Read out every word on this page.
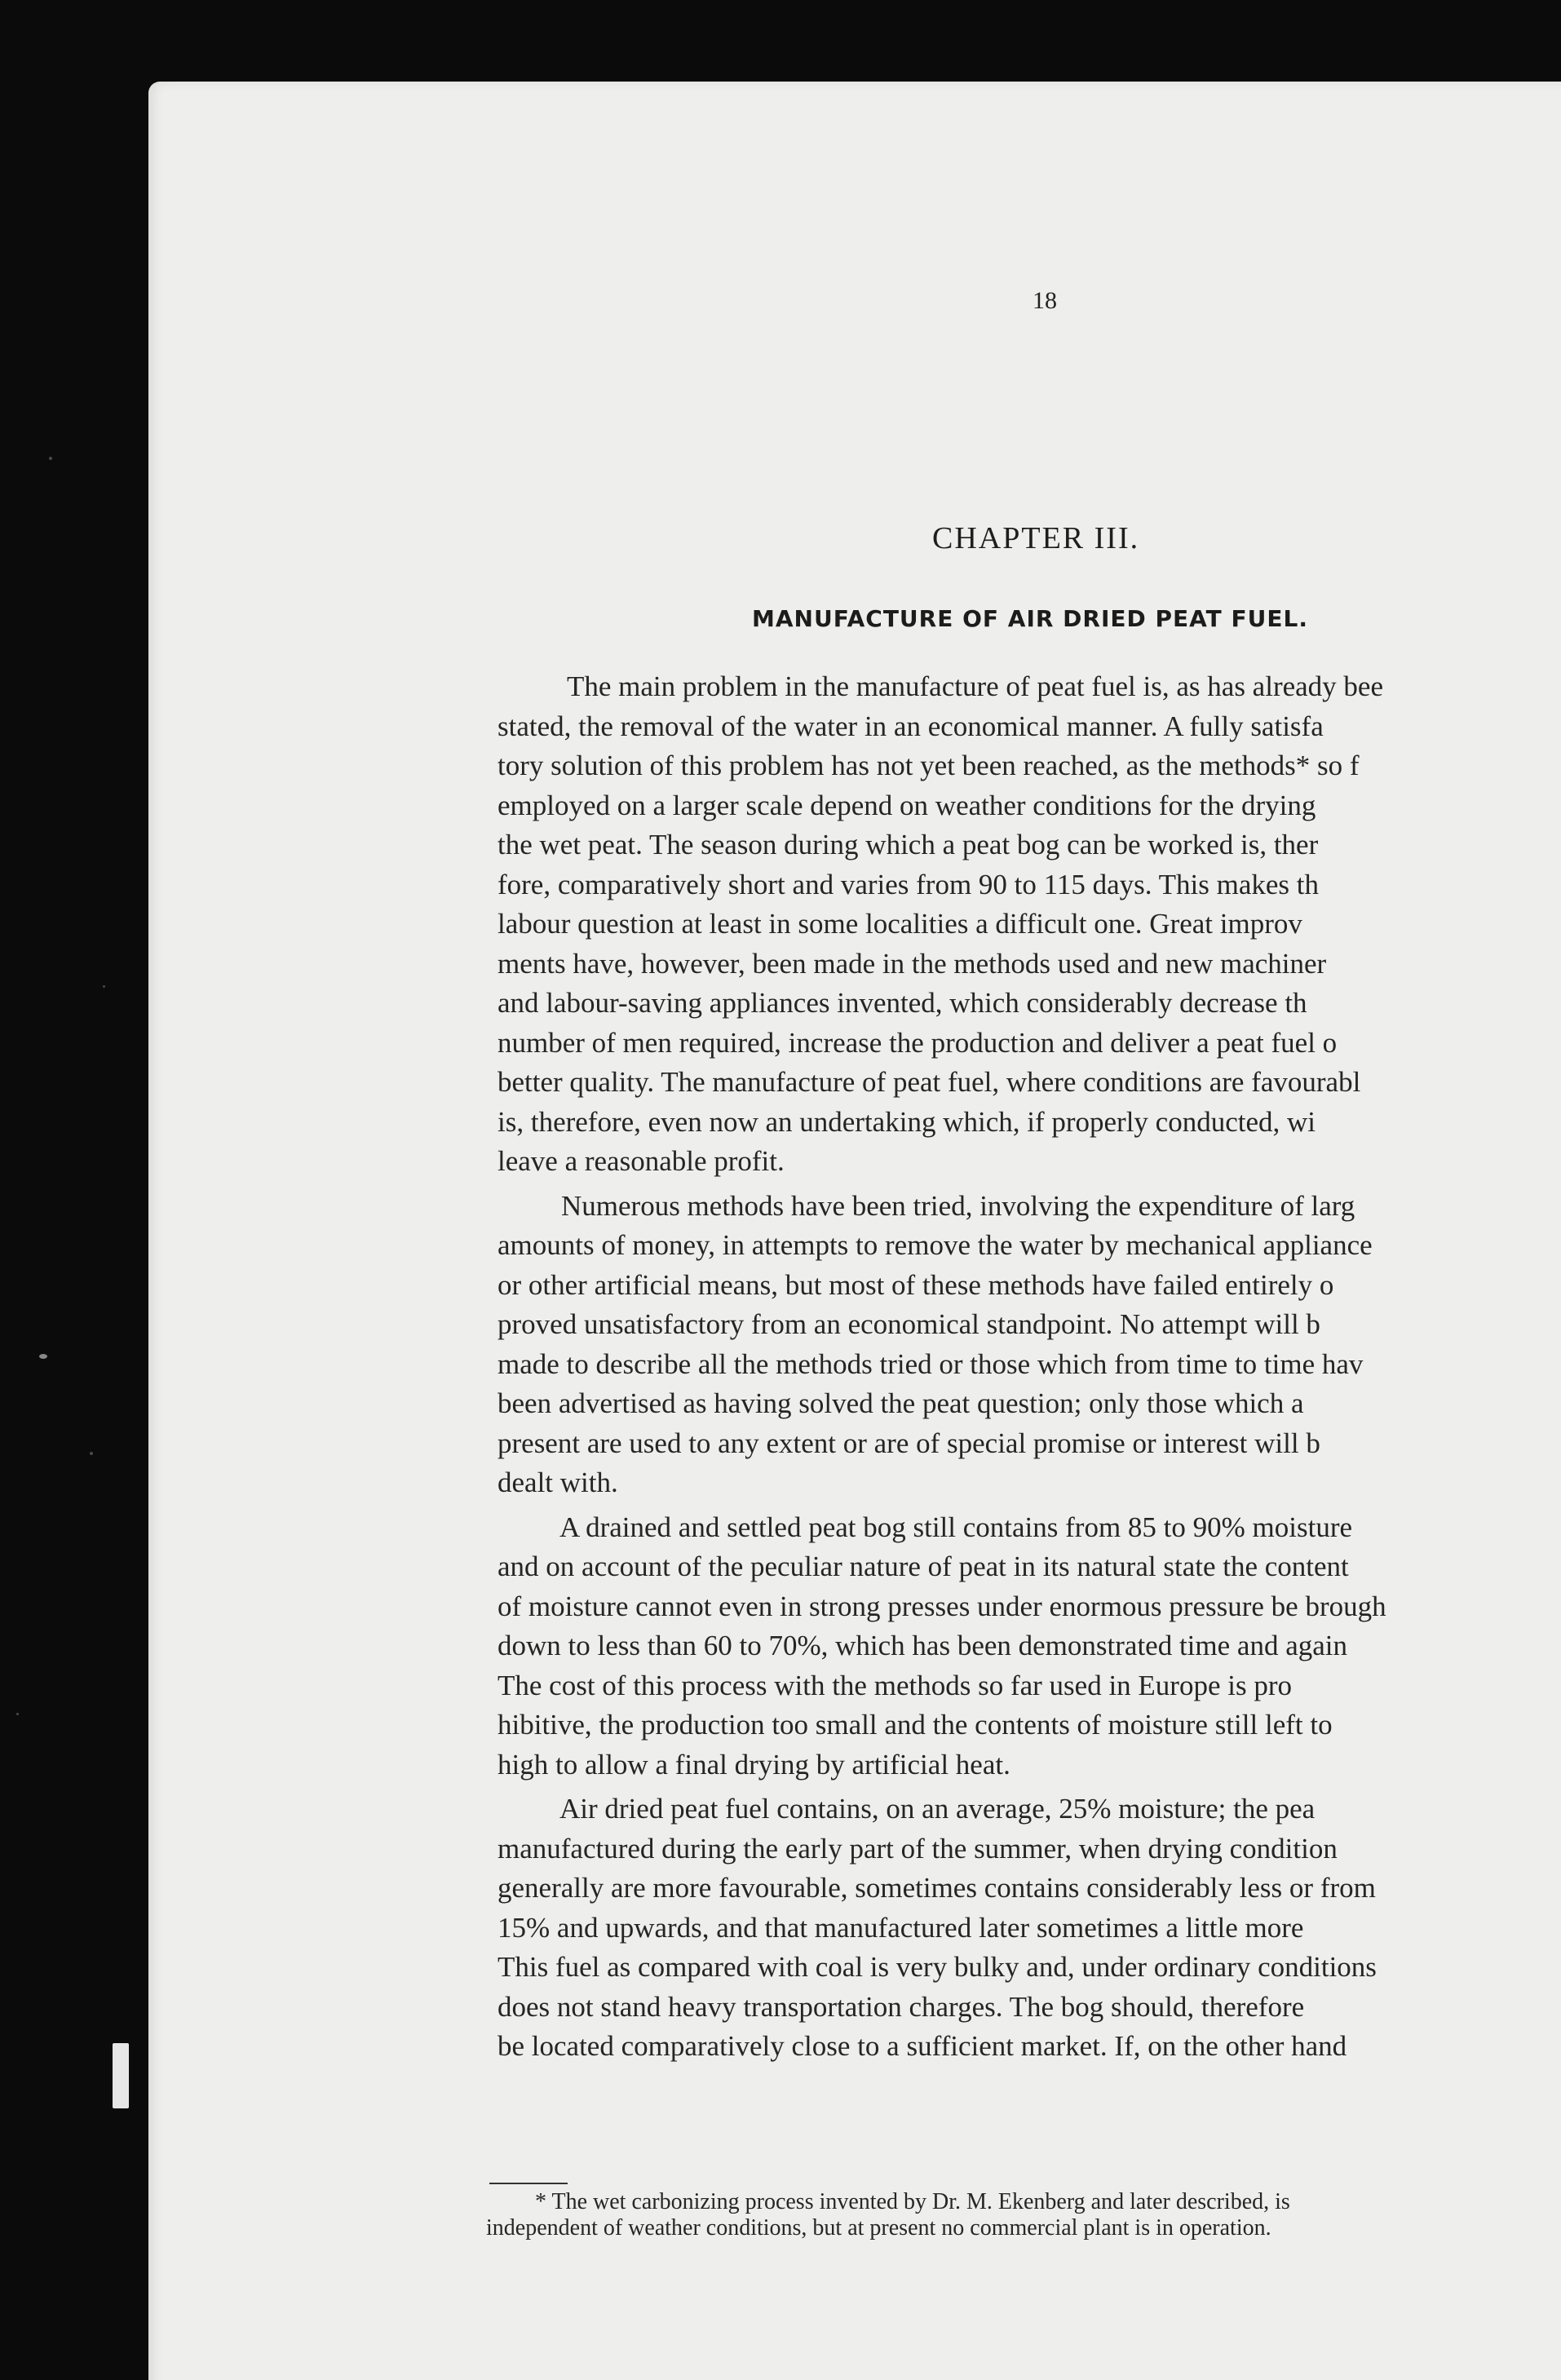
18
CHAPTER III.
MANUFACTURE OF AIR DRIED PEAT FUEL.
The main problem in the manufacture of peat fuel is, as has already bee
stated, the removal of the water in an economical manner. A fully satisfa
tory solution of this problem has not yet been reached, as the methods* so f
employed on a larger scale depend on weather conditions for the drying
the wet peat. The season during which a peat bog can be worked is, ther
fore, comparatively short and varies from 90 to 115 days. This makes th
labour question at least in some localities a difficult one. Great improv
ments have, however, been made in the methods used and new machiner
and labour-saving appliances invented, which considerably decrease th
number of men required, increase the production and deliver a peat fuel o
better quality. The manufacture of peat fuel, where conditions are favourabl
is, therefore, even now an undertaking which, if properly conducted, wi
leave a reasonable profit.
Numerous methods have been tried, involving the expenditure of larg
amounts of money, in attempts to remove the water by mechanical appliance
or other artificial means, but most of these methods have failed entirely o
proved unsatisfactory from an economical standpoint. No attempt will b
made to describe all the methods tried or those which from time to time hav
been advertised as having solved the peat question; only those which a
present are used to any extent or are of special promise or interest will b
dealt with.
A drained and settled peat bog still contains from 85 to 90% moisture
and on account of the peculiar nature of peat in its natural state the content
of moisture cannot even in strong presses under enormous pressure be brough
down to less than 60 to 70%, which has been demonstrated time and again
The cost of this process with the methods so far used in Europe is pro
hibitive, the production too small and the contents of moisture still left to
high to allow a final drying by artificial heat.
Air dried peat fuel contains, on an average, 25% moisture; the pea
manufactured during the early part of the summer, when drying condition
generally are more favourable, sometimes contains considerably less or from
15% and upwards, and that manufactured later sometimes a little more
This fuel as compared with coal is very bulky and, under ordinary conditions
does not stand heavy transportation charges. The bog should, therefore
be located comparatively close to a sufficient market. If, on the other hand
* The wet carbonizing process invented by Dr. M. Ekenberg and later described, is
independent of weather conditions, but at present no commercial plant is in operation.
